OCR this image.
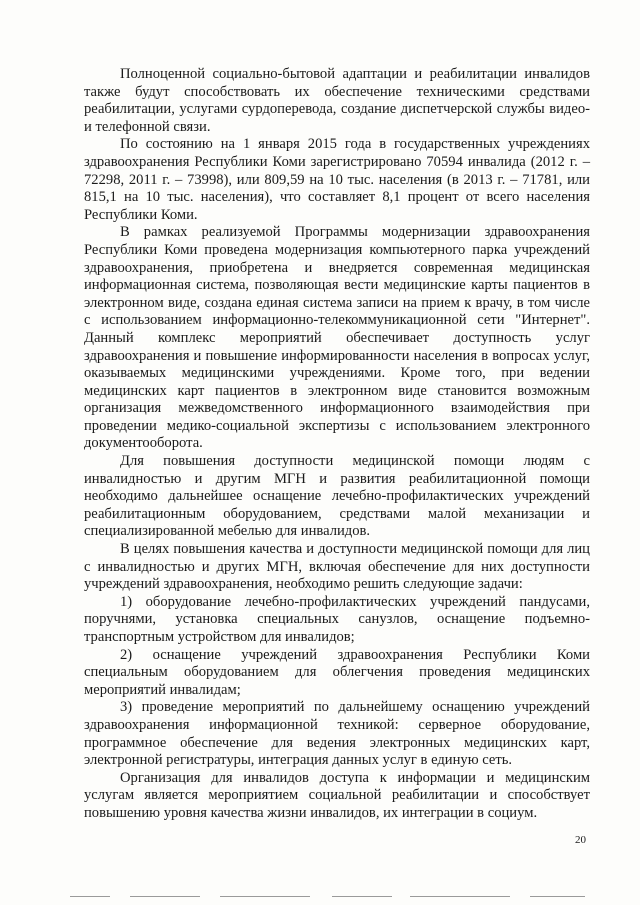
Полноценной социально-бытовой адаптации и реабилитации инвалидов также будут способствовать их обеспечение техническими средствами реабилитации, услугами сурдоперевода, создание диспетчерской службы видео- и телефонной связи.

По состоянию на 1 января 2015 года в государственных учреждениях здравоохранения Республики Коми зарегистрировано 70594 инвалида (2012 г. – 72298, 2011 г. – 73998), или 809,59 на 10 тыс. населения (в 2013 г. – 71781, или 815,1 на 10 тыс. населения), что составляет 8,1 процент от всего населения Республики Коми.

В рамках реализуемой Программы модернизации здравоохранения Республики Коми проведена модернизация компьютерного парка учреждений здравоохранения, приобретена и внедряется современная медицинская информационная система, позволяющая вести медицинские карты пациентов в электронном виде, создана единая система записи на прием к врачу, в том числе с использованием информационно-телекоммуникационной сети "Интернет". Данный комплекс мероприятий обеспечивает доступность услуг здравоохранения и повышение информированности населения в вопросах услуг, оказываемых медицинскими учреждениями. Кроме того, при ведении медицинских карт пациентов в электронном виде становится возможным организация межведомственного информационного взаимодействия при проведении медико-социальной экспертизы с использованием электронного документооборота.

Для повышения доступности медицинской помощи людям с инвалидностью и другим МГН и развития реабилитационной помощи необходимо дальнейшее оснащение лечебно-профилактических учреждений реабилитационным оборудованием, средствами малой механизации и специализированной мебелью для инвалидов.

В целях повышения качества и доступности медицинской помощи для лиц с инвалидностью и других МГН, включая обеспечение для них доступности учреждений здравоохранения, необходимо решить следующие задачи:

1) оборудование лечебно-профилактических учреждений пандусами, поручнями, установка специальных санузлов, оснащение подъемно-транспортным устройством для инвалидов;

2) оснащение учреждений здравоохранения Республики Коми специальным оборудованием для облегчения проведения медицинских мероприятий инвалидам;

3) проведение мероприятий по дальнейшему оснащению учреждений здравоохранения информационной техникой: серверное оборудование, программное обеспечение для ведения электронных медицинских карт, электронной регистратуры, интеграция данных услуг в единую сеть.

Организация для инвалидов доступа к информации и медицинским услугам является мероприятием социальной реабилитации и способствует повышению уровня качества жизни инвалидов, их интеграции в социум.

20
